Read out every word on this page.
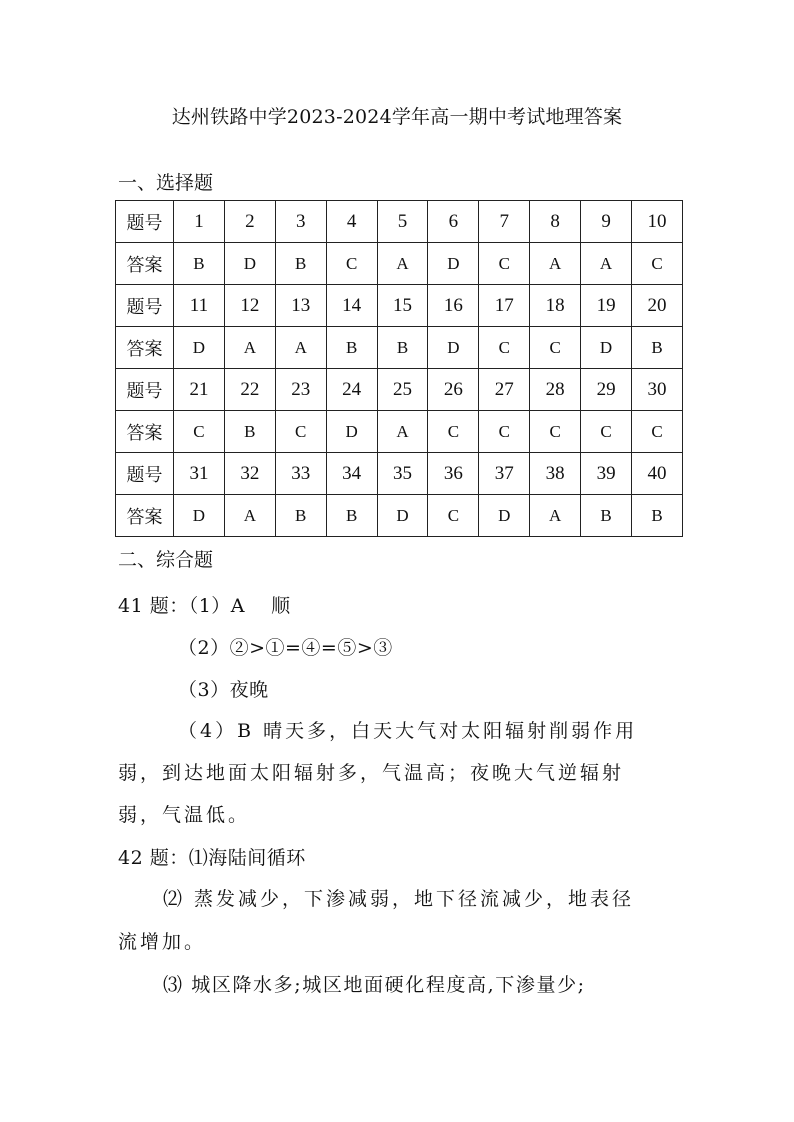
达州铁路中学2023-2024学年高一期中考试地理答案
一、选择题
题号	1	2	3	4	5	6	7	8	9	10
答案	B	D	B	C	A	D	C	A	A	C
题号	11	12	13	14	15	16	17	18	19	20
答案	D	A	A	B	B	D	C	C	D	B
题号	21	22	23	24	25	26	27	28	29	30
答案	C	B	C	D	A	C	C	C	C	C
题号	31	32	33	34	35	36	37	38	39	40
答案	D	A	B	B	D	C	D	A	B	B
二、综合题
41 题：（1）A　 顺
（2）②>①=④=⑤>③
（3）夜晚
（4）B 晴天多，白天大气对太阳辐射削弱作用
弱，到达地面太阳辐射多，气温高；夜晚大气逆辐射
弱，气温低。
42 题：⑴海陆间循环
⑵ 蒸发减少，下渗减弱，地下径流减少，地表径
流增加。
⑶ 城区降水多;城区地面硬化程度高,下渗量少;
